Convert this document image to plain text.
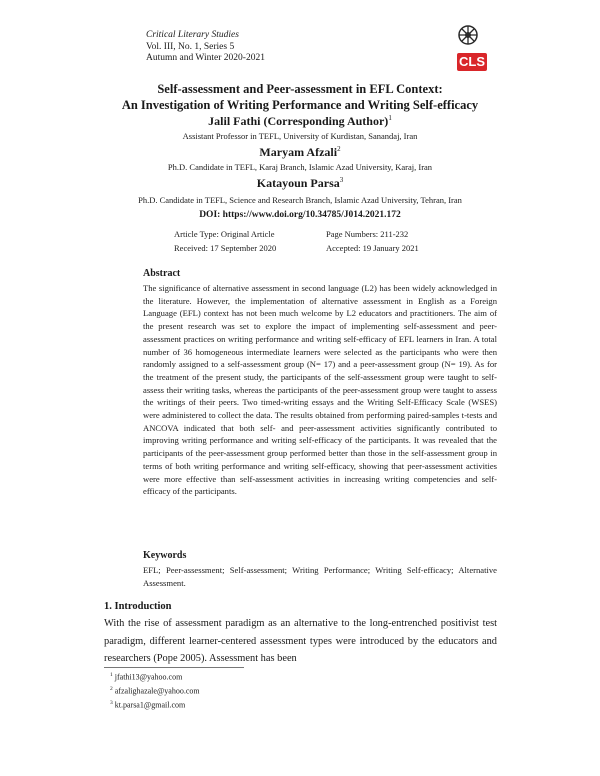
Critical Literary Studies
Vol. III, No. 1, Series 5
Autumn and Winter 2020-2021	CLS
Self-assessment and Peer-assessment in EFL Context:
An Investigation of Writing Performance and Writing Self-efficacy
Jalil Fathi (Corresponding Author)$^1$
Assistant Professor in TEFL, University of Kurdistan, Sanandaj, Iran
Maryam Afzali$^2$
Ph.D. Candidate in TEFL, Karaj Branch, Islamic Azad University, Karaj, Iran
Katayoun Parsa$^3$
Ph.D. Candidate in TEFL, Science and Research Branch, Islamic Azad University, Tehran, Iran
DOI: https://www.doi.org/10.34785/J014.2021.172
Article Type: Original Article	Page Numbers: 211-232
Received: 17 September 2020	Accepted: 19 January 2021
Abstract
The significance of alternative assessment in second language (L2) has been widely acknowledged in the literature. However, the implementation of alternative assessment in English as a Foreign Language (EFL) context has not been much welcome by L2 educators and practitioners. The aim of the present research was set to explore the impact of implementing self-assessment and peer-assessment practices on writing performance and writing self-efficacy of EFL learners in Iran. A total number of 36 homogeneous intermediate learners were selected as the participants who were then randomly assigned to a self-assessment group (N= 17) and a peer-assessment group (N= 19). As for the treatment of the present study, the participants of the self-assessment group were taught to self-assess their writing tasks, whereas the participants of the peer-assessment group were taught to assess the writings of their peers. Two timed-writing essays and the Writing Self-Efficacy Scale (WSES) were administered to collect the data. The results obtained from performing paired-samples t-tests and ANCOVA indicated that both self- and peer-assessment activities significantly contributed to improving writing performance and writing self-efficacy of the participants. It was revealed that the participants of the peer-assessment group performed better than those in the self-assessment group in terms of both writing performance and writing self-efficacy, showing that peer-assessment activities were more effective than self-assessment activities in increasing writing competencies and self-efficacy of the participants.
Keywords
EFL; Peer-assessment; Self-assessment; Writing Performance; Writing Self-efficacy; Alternative Assessment.
1. Introduction
With the rise of assessment paradigm as an alternative to the long-entrenched positivist test paradigm, different learner-centered assessment types were introduced by the educators and researchers (Pope 2005). Assessment has been
$^1$ jfathi13@yahoo.com
$^2$ afzalighazale@yahoo.com
$^3$ kt.parsa1@gmail.com
